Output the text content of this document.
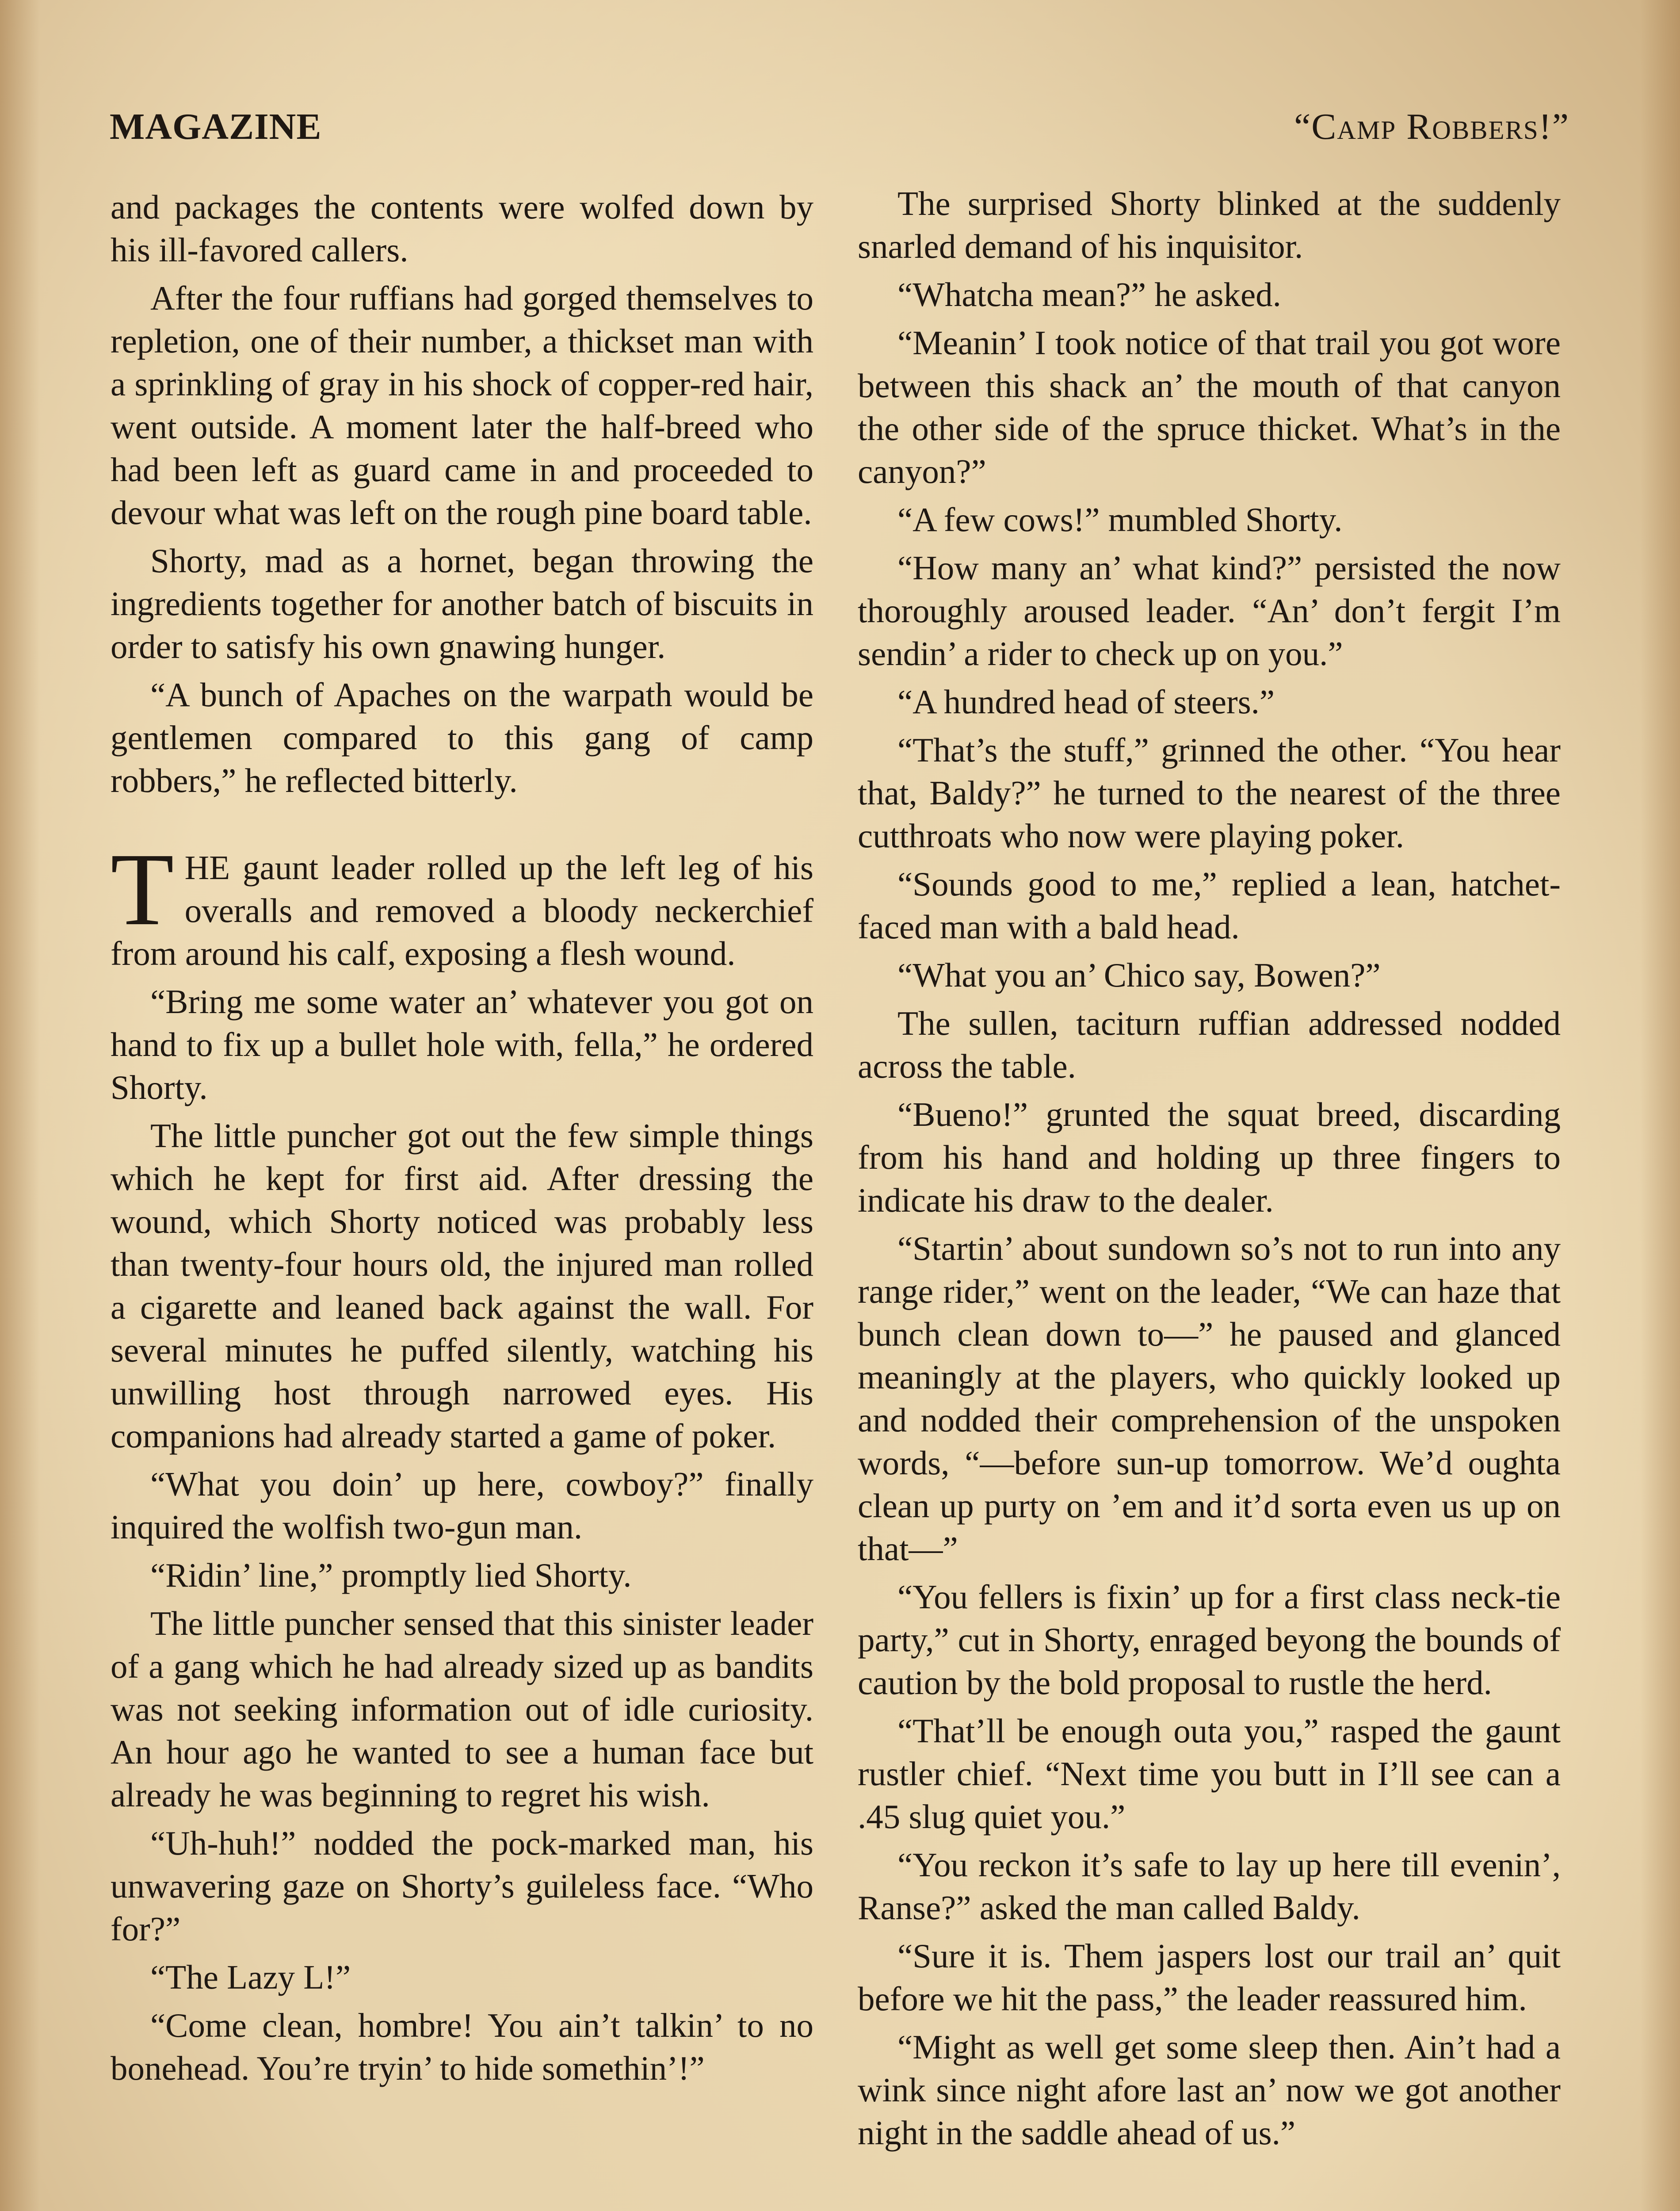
MAGAZINE	“Camp Robbers!”

and packages the contents were wolfed down by his ill-favored callers.

After the four ruffians had gorged themselves to repletion, one of their number, a thickset man with a sprinkling of gray in his shock of copper-red hair, went outside. A moment later the half-breed who had been left as guard came in and proceeded to devour what was left on the rough pine board table.

Shorty, mad as a hornet, began throwing the ingredients together for another batch of biscuits in order to satisfy his own gnawing hunger.

“A bunch of Apaches on the warpath would be gentlemen compared to this gang of camp robbers,” he reflected bitterly.

THE gaunt leader rolled up the left leg of his overalls and removed a bloody neckerchief from around his calf, exposing a flesh wound.

“Bring me some water an’ whatever you got on hand to fix up a bullet hole with, fella,” he ordered Shorty.

The little puncher got out the few simple things which he kept for first aid. After dressing the wound, which Shorty noticed was probably less than twenty-four hours old, the injured man rolled a cigarette and leaned back against the wall. For several minutes he puffed silently, watching his unwilling host through narrowed eyes. His companions had already started a game of poker.

“What you doin’ up here, cowboy?” finally inquired the wolfish two-gun man.

“Ridin’ line,” promptly lied Shorty.

The little puncher sensed that this sinister leader of a gang which he had already sized up as bandits was not seeking information out of idle curiosity. An hour ago he wanted to see a human face but already he was beginning to regret his wish.

“Uh-huh!” nodded the pock-marked man, his unwavering gaze on Shorty’s guileless face. “Who for?”

“The Lazy L!”

“Come clean, hombre! You ain’t talkin’ to no bonehead. You’re tryin’ to hide somethin’!”

The surprised Shorty blinked at the suddenly snarled demand of his inquisitor.

“Whatcha mean?” he asked.

“Meanin’ I took notice of that trail you got wore between this shack an’ the mouth of that canyon the other side of the spruce thicket. What’s in the canyon?”

“A few cows!” mumbled Shorty.

“How many an’ what kind?” persisted the now thoroughly aroused leader. “An’ don’t fergit I’m sendin’ a rider to check up on you.”

“A hundred head of steers.”

“That’s the stuff,” grinned the other. “You hear that, Baldy?” he turned to the nearest of the three cutthroats who now were playing poker.

“Sounds good to me,” replied a lean, hatchet-faced man with a bald head.

“What you an’ Chico say, Bowen?”

The sullen, taciturn ruffian addressed nodded across the table.

“Bueno!” grunted the squat breed, discarding from his hand and holding up three fingers to indicate his draw to the dealer.

“Startin’ about sundown so’s not to run into any range rider,” went on the leader, “We can haze that bunch clean down to—” he paused and glanced meaningly at the players, who quickly looked up and nodded their comprehension of the unspoken words, “—before sun-up tomorrow. We’d oughta clean up purty on ’em and it’d sorta even us up on that—”

“You fellers is fixin’ up for a first class neck-tie party,” cut in Shorty, enraged beyong the bounds of caution by the bold proposal to rustle the herd.

“That’ll be enough outa you,” rasped the gaunt rustler chief. “Next time you butt in I’ll see can a .45 slug quiet you.”

“You reckon it’s safe to lay up here till evenin’, Ranse?” asked the man called Baldy.

“Sure it is. Them jaspers lost our trail an’ quit before we hit the pass,” the leader reassured him.

“Might as well get some sleep then. Ain’t had a wink since night afore last an’ now we got another night in the saddle ahead of us.”
